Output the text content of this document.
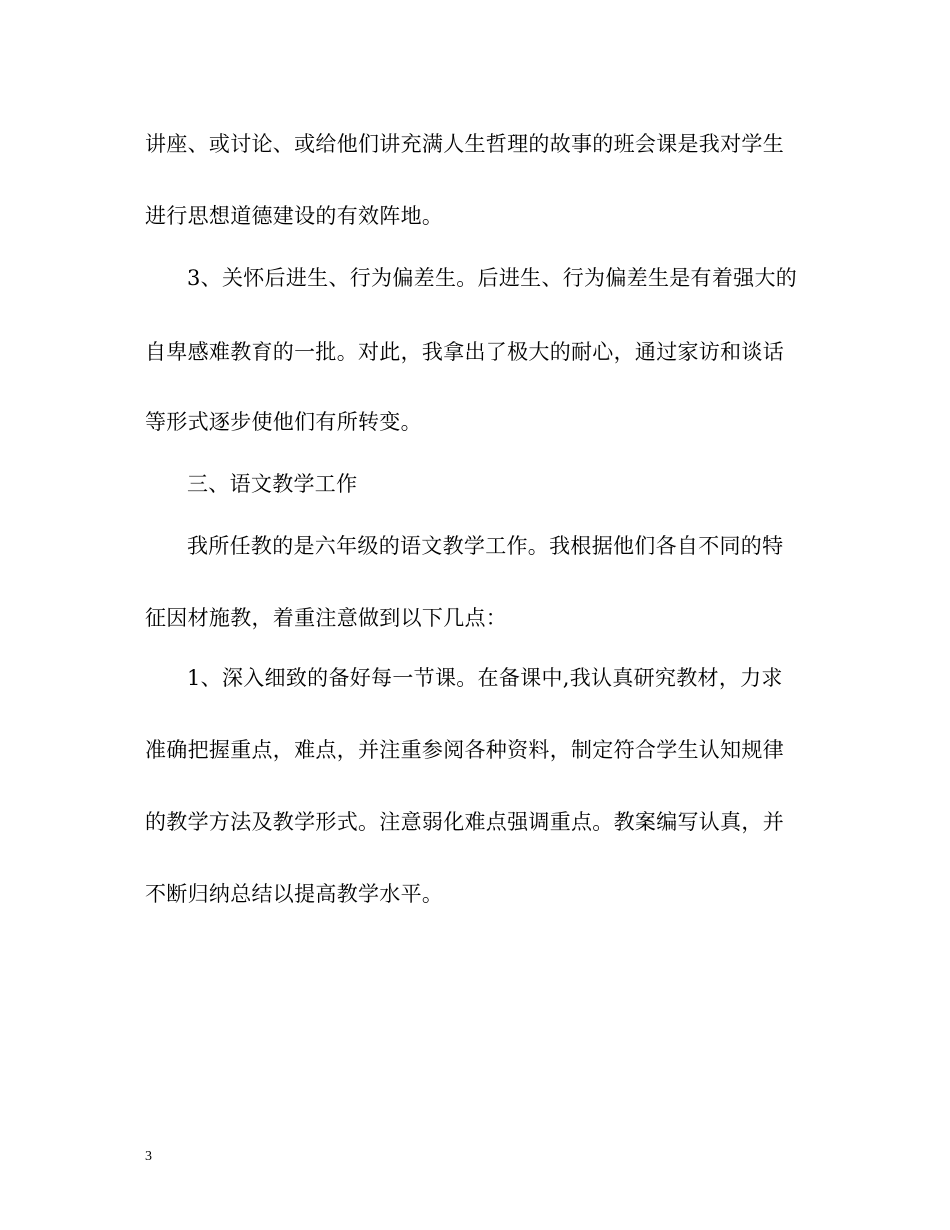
讲座、或讨论、或给他们讲充满人生哲理的故事的班会课是我对学生
进行思想道德建设的有效阵地。
3、关怀后进生、行为偏差生。后进生、行为偏差生是有着强大的
自卑感难教育的一批。对此，我拿出了极大的耐心，通过家访和谈话
等形式逐步使他们有所转变。
三、语文教学工作
我所任教的是六年级的语文教学工作。我根据他们各自不同的特
征因材施教，着重注意做到以下几点：
1、深入细致的备好每一节课。在备课中,我认真研究教材，力求
准确把握重点，难点，并注重参阅各种资料，制定符合学生认知规律
的教学方法及教学形式。注意弱化难点强调重点。教案编写认真，并
不断归纳总结以提高教学水平。
3
